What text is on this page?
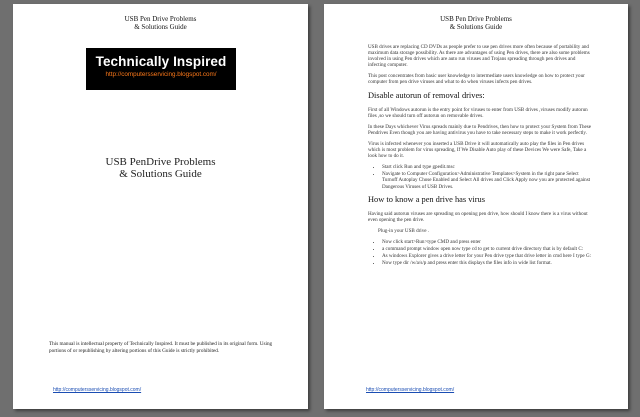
USB Pen Drive Problems
& Solutions Guide
Technically Inspired
http://computersservicing.blogspot.com/
USB PenDrive Problems
& Solutions Guide
This manual is intellectual property of Technically Inspired. It must be published in its original form. Using portions of or republishing by altering portions of this Guide is strictly prohibited.
http://computersservicing.blogspot.com/
USB Pen Drive Problems
& Solutions Guide

USB drives are replacing CD DVDs as people prefer to use pen drives more often because of portability and maximum data storage possibility. As there are advantages of using Pen drives, there are also some problems involved in using Pen drives which are auto run viruses and Trojans spreading through pen drives and infecting computer.

This post concentrates from basic user knowledge to intermediate users knowledge on how to protect your computer from pen drive viruses and what to do when viruses infects pen drives.

Disable autorun of removal drives:

First of all Windows autorun is the entry point for viruses to enter from USB drives ,viruses modify autorun files ,so we should turn off autorun on removable drives.

In these Days whichever Virus spreads mainly due to Pendrives, then how to protect your System from These Pendrives Even though you are having antivirus you have to take necessary steps to make it work perfectly.

Virus is infected whenever you inserted a USB Drive it will automatically auto play the files in Pen drives which is most problem for virus spreading, If We Disable Auto play of these Devices We were Safe, Take a look how to do it.

• Start click Run and type gpedit.msc
• Navigate to Computer Configuration>Administrative Templates>System in the right pane Select Turnoff Autoplay Chose Enabled and Select All drives and Click Apply now you are protected against Dangerous Viruses of USB Drives.
How to know a pen drive has virus

Having said autorun viruses are spreading on opening pen drive, how should I know there is a virus without even opening the pen drive.

Plug-in your USB drive .

• Now click start>Run>type CMD and press enter
• a command prompt window open now type cd to get to current drive directory that is by default C:
• As windows Explorer gives a drive letter for your Pen drive type that drive letter in cmd here I type G:
• Now type dir /w/a/s/p and press enter this displays the files info in wide list format.
http://computersservicing.blogspot.com/
